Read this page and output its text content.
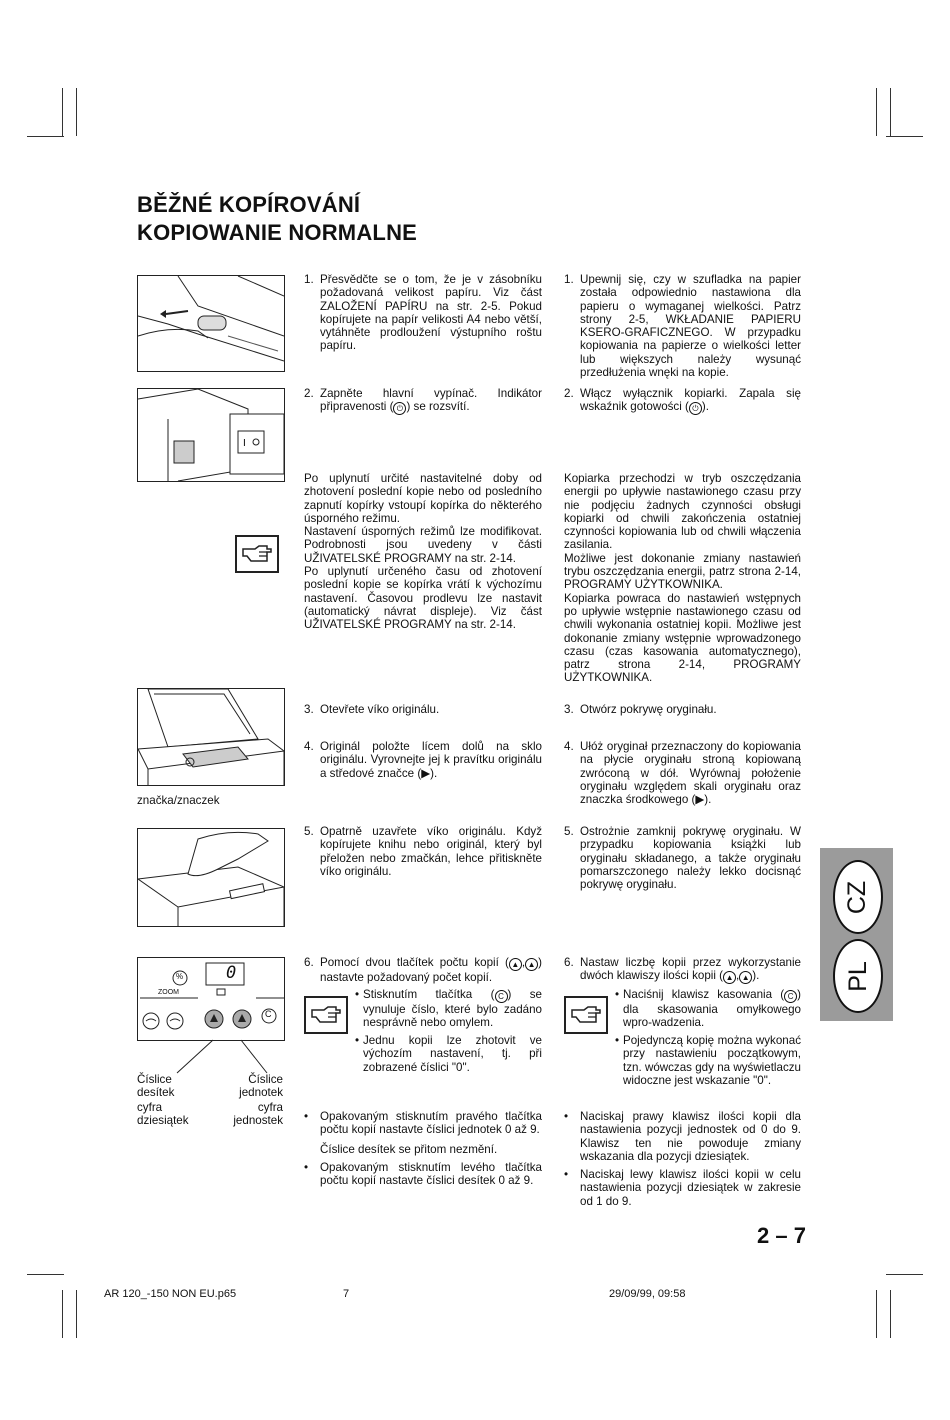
BĚŽNÉ KOPÍROVÁNÍ
KOPIOWANIE NORMALNE
I
1. Přesvědčte se o tom, že je v zásobníku požadovaná velikost papíru. Viz část ZALOŽENÍ PAPÍRU na str. 2-5. Pokud kopírujete na papír velikosti A4 nebo větší, vytáhněte prodloužení výstupního roštu papíru.
2. Zapněte hlavní vypínač. Indikátor připravenosti ( ⏻ ) se rozsvítí.
1. Upewnij się, czy w szufladka na papier została odpowiednio nastawiona dla papieru o wymaganej wielkości. Patrz strony 2-5, WKŁADANIE PAPIERU KSERO-GRAFICZNEGO. W przypadku kopiowania na papierze o wielkości letter lub większych należy wysunąć przedłużenia wnęki na kopie.
2. Włącz wyłącznik kopiarki. Zapala się wskaźnik gotowości ( ⏻ ).
Po uplynutí určité nastavitelné doby od zhotovení poslední kopie nebo od posledního zapnutí kopírky vstoupí kopírka do některého úsporného režimu.
Nastavení úsporných režimů lze modifikovat. Podrobnosti jsou uvedeny v části UŽIVATELSKÉ PROGRAMY na str. 2-14.
Po uplynutí určeného času od zhotovení poslední kopie se kopírka vrátí k výchozímu nastavení. Časovou prodlevu lze nastavit (automatický návrat displeje). Viz část UŽIVATELSKÉ PROGRAMY na str. 2-14.
Kopiarka przechodzi w tryb oszczędzania energii po upływie nastawionego czasu przy nie podjęciu żadnych czynności obsługi kopiarki od chwili zakończenia ostatniej czynności kopiowania lub od chwili włączenia zasilania.
Możliwe jest dokonanie zmiany nastawień trybu oszczędzania energii, patrz strona 2-14, PROGRAMY UŻYTKOWNIKA.
Kopiarka powraca do nastawień wstępnych po upływie wstępnie nastawionego czasu od chwili wykonania ostatniej kopii. Możliwe jest dokonanie zmiany wstępnie wprowadzonego czasu (czas kasowania automatycznego), patrz strona 2-14, PROGRAMY UŻYTKOWNIKA.
značka/znaczek
3. Otevřete víko originálu.
4. Originál položte lícem dolů na sklo originálu. Vyrovnejte jej k pravítku originálu a středové značce (▶).
5. Opatrně uzavřete víko originálu. Když kopírujete knihu nebo originál, který byl přeložen nebo zmačkán, lehce přitiskněte víko originálu.
3. Otwórz pokrywę oryginału.
4. Ułóż oryginał przeznaczony do kopiowania na płycie oryginału stroną kopiowaną zwróconą w dół. Wyrównaj położenie oryginału względem skali oryginału oraz znaczka środkowego (▶).
5. Ostrożnie zamknij pokrywę oryginału. W przypadku kopiowania książki lub oryginału składanego, a także oryginału pomarszczonego należy lekko docisnąć pokrywę oryginału.
%	0
ZOOM
C
Číslice desítek
Číslice jednotek
cyfra dziesiątek
cyfra jednostek
6. Pomocí dvou tlačítek počtu kopií ( ▲ , ▲ ) nastavte požadovaný počet kopií.
• Stisknutím tlačítka ( C ) se vynuluje číslo, které bylo zadáno nesprávně nebo omylem.
• Jednu kopii lze zhotovit ve výchozím nastavení, tj. při zobrazené číslici "0".
6. Nastaw liczbę kopii przez wykorzystanie dwóch klawiszy ilości kopii ( ▲ , ▲ ).
• Naciśnij klawisz kasowania ( C ) dla skasowania omyłkowego wpro-wadzenia.
• Pojedynczą kopię można wykonać przy nastawieniu początkowym, tzn. wówczas gdy na wyświetlaczu widoczne jest wskazanie "0".
• Opakovaným stisknutím pravého tlačítka počtu kopií nastavte číslici jednotek 0 až 9.
Číslice desítek se přitom nezmění.
• Opakovaným stisknutím levého tlačítka počtu kopií nastavte číslici desítek 0 až 9.
• Naciskaj prawy klawisz ilości kopii dla nastawienia pozycji jednostek od 0 do 9. Klawisz ten nie powoduje zmiany wskazania dla pozycji dziesiątek.
• Naciskaj lewy klawisz ilości kopii w celu nastawienia pozycji dziesiątek w zakresie od 1 do 9.
CZ
PL
2 – 7
AR 120_-150 NON EU.p65	7	29/09/99, 09:58
